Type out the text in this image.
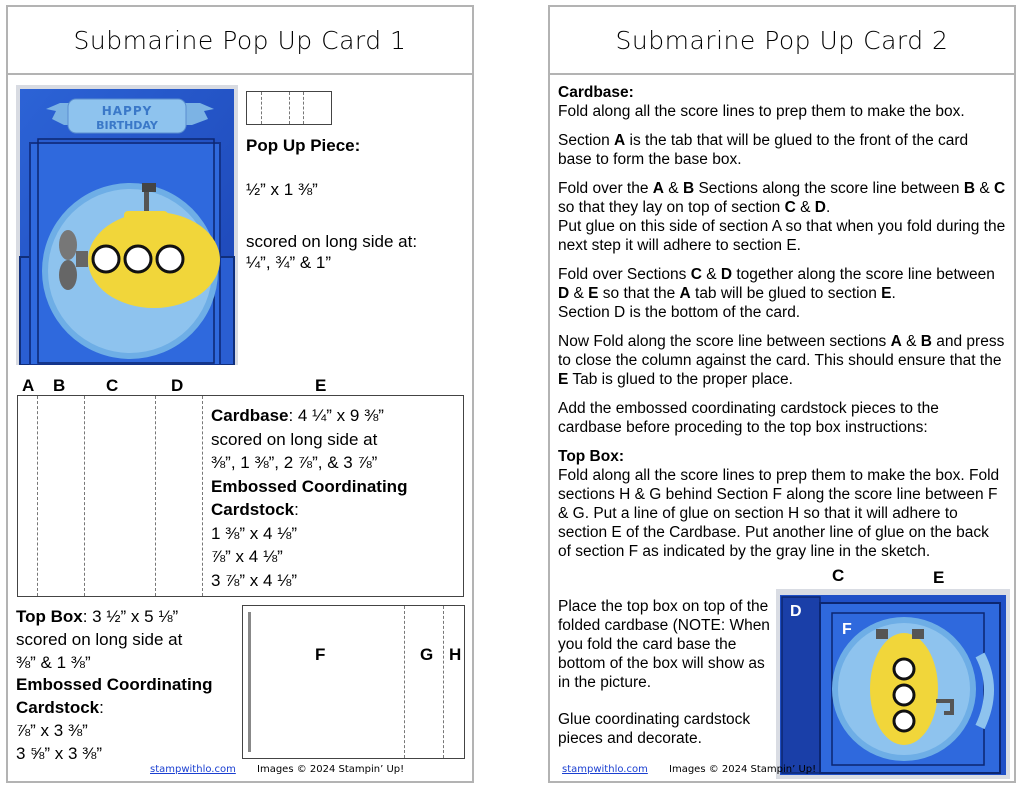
Submarine Pop Up Card 1
HAPPY
BIRTHDAY
Pop Up Piece:
½” x 1 ⅜”
scored on long side at:
¼”, ¾” & 1”
A B C	D	E
Cardbase: 4 ¼” x 9 ⅜”
scored on long side at
⅜”, 1 ⅜”, 2 ⅞”, & 3 ⅞”
Embossed Coordinating
Cardstock:
1 ⅜” x 4 ⅛”
⅞” x 4 ⅛”
3 ⅞” x 4 ⅛”
Top Box: 3 ½” x 5 ⅛”
scored on long side at
⅜” & 1 ⅜”
Embossed Coordinating
Cardstock:
⅞” x 3 ⅜”
3 ⅝” x 3 ⅜”
F	G H
stampwithlo.com Images © 2024 Stampin’ Up!
Submarine Pop Up Card 2

Cardbase:
Fold along all the score lines to prep them to make the box.

Section A is the tab that will be glued to the front of the card base to form the base box.

Fold over the A & B Sections along the score line between B & C so that they lay on top of section C & D.

Put glue on this side of section A so that when you fold during the next step it will adhere to section E.

Fold over Sections C & D together along the score line between D & E so that the A tab will be glued to section E.

Section D is the bottom of the card.

Now Fold along the score line between sections A & B and press to close the column against the card. This should ensure that the E Tab is glued to the proper place.

Add the embossed coordinating cardstock pieces to the cardbase before proceding to the top box instructions:

Top Box:
Fold along all the score lines to prep them to make the box. Fold sections H & G behind Section F along the score line between F & G. Put a line of glue on section H so that it will adhere to section E of the Cardbase. Put another line of glue on the back of section F as indicated by the gray line in the sketch.

Place the top box on top of the folded cardbase (NOTE: When you fold the card base the bottom of the box will show as in the picture.

Glue coordinating cardstock pieces and decorate.

C	E
D
F
stampwithlo.com Images © 2024 Stampin’ Up!
